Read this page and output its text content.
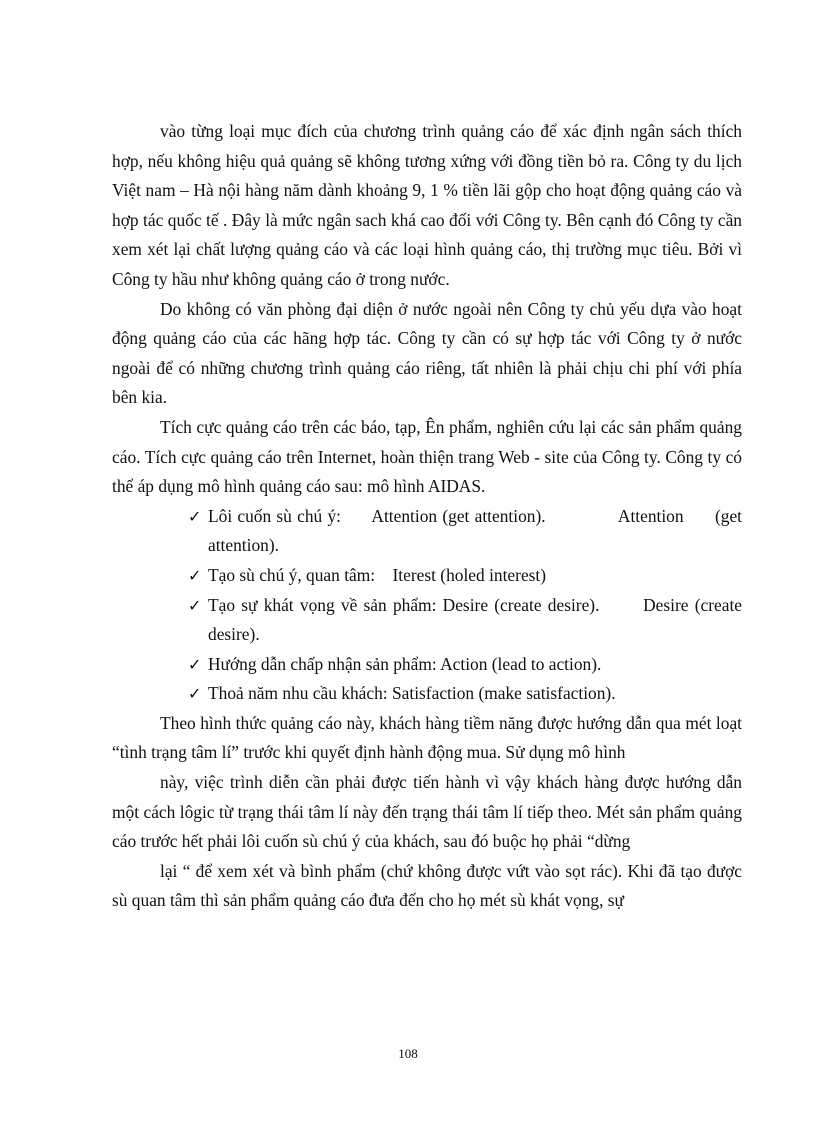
vào từng loại mục đích của chương trình quảng cáo để xác định ngân sách thích hợp, nếu không hiệu quả quảng sẽ không tương xứng với đồng tiền bỏ ra. Công ty du lịch Việt nam – Hà nội hàng năm dành khoảng 9, 1 % tiền lãi gộp cho hoạt động quảng cáo và hợp tác quốc tế . Đây là mức ngân sach khá cao đối với Công ty. Bên cạnh đó Công ty cần xem xét lại chất lượng quảng cáo và các loại hình quảng cáo, thị trường mục tiêu. Bởi vì Công ty hầu như không quảng cáo ở trong nước.

Do không có văn phòng đại diện ở nước ngoài nên Công ty chủ yếu dựa vào hoạt động quảng cáo của các hãng hợp tác. Công ty cần có sự hợp tác với Công ty ở nước ngoài để có những chương trình quảng cáo riêng, tất nhiên là phải chịu chi phí với phía bên kia.

Tích cực quảng cáo trên các báo, tạp, Ên phẩm, nghiên cứu lại các sản phẩm quảng cáo. Tích cực quảng cáo trên Internet, hoàn thiện trang Web - site của Công ty. Công ty có thể áp dụng mô hình quảng cáo sau: mô hình AIDAS.

✓ Lôi cuốn sù chú ý:      Attention (get attention).              Attention      (get attention).
✓ Tạo sù chú ý, quan tâm:    Iterest (holed interest)
✓ Tạo sự khát vọng về sản phẩm: Desire (create desire).       Desire (create desire).
✓ Hướng dẫn chấp nhận sản phẩm: Action (lead to action).
✓ Thoả năm nhu cầu khách: Satisfaction (make satisfaction).

Theo hình thức quảng cáo này, khách hàng tiềm năng được hướng dẫn qua mét loạt “tình trạng tâm lí” trước khi quyết định hành động mua. Sử dụng mô hình

này, việc trình diễn cần phải được tiến hành vì vậy khách hàng được hướng dẫn một cách lôgic từ trạng thái tâm lí này đến trạng thái tâm lí tiếp theo. Mét sản phẩm quảng cáo trước hết phải lôi cuốn sù chú ý của khách, sau đó buộc họ phải “dừng

lại “ để xem xét và bình phẩm (chứ không được vứt vào sọt rác). Khi đã tạo được sù quan tâm thì sản phẩm quảng cáo đưa đến cho họ mét sù khát vọng, sự

108
